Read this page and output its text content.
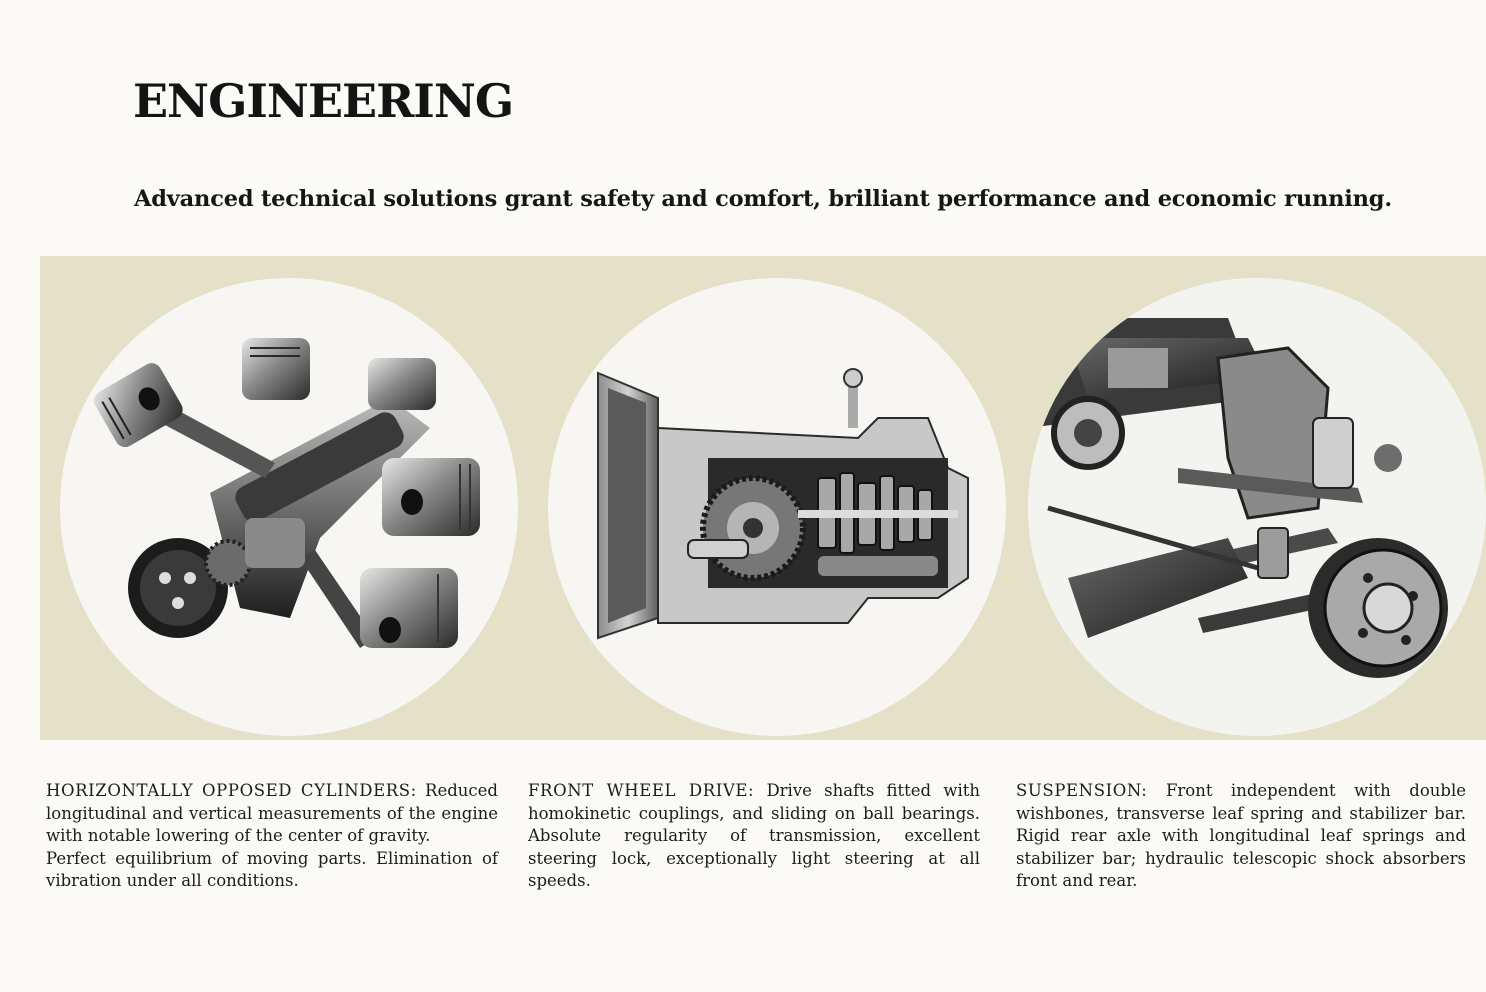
ENGINEERING
Advanced technical solutions grant safety and comfort, brilliant performance and economic running.

HORIZONTALLY OPPOSED CYLINDERS: Reduced longitudinal and vertical measurements of the engine with notable lowering of the center of gravity.

Perfect equilibrium of moving parts. Elimination of vibration under all conditions.

FRONT WHEEL DRIVE: Drive shafts fitted with homokinetic couplings, and sliding on ball bearings. Absolute regularity of transmission, excellent steering lock, exceptionally light steering at all speeds.

SUSPENSION: Front independent with double wishbones, transverse leaf spring and stabilizer bar. Rigid rear axle with longitudinal leaf springs and stabilizer bar; hydraulic telescopic shock absorbers front and rear.
